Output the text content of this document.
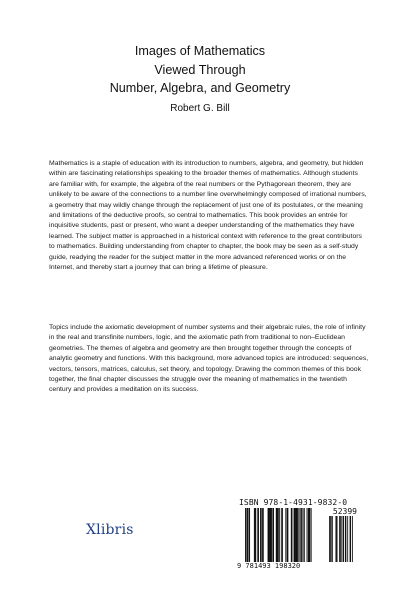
Images of Mathematics
Viewed Through
Number, Algebra, and Geometry
Robert G. Bill

Mathematics is a staple of education with its introduction to numbers, algebra, and geometry, but hidden within are fascinating relationships speaking to the broader themes of mathematics. Although students are familiar with, for example, the algebra of the real numbers or the Pythagorean theorem, they are unlikely to be aware of the connections to a number line overwhelmingly composed of irrational numbers, a geometry that may wildly change through the replacement of just one of its postulates, or the meaning and limitations of the deductive proofs, so central to mathematics. This book provides an entrée for inquisitive students, past or present, who want a deeper understanding of the mathematics they have learned. The subject matter is approached in a historical context with reference to the great contributors to mathematics. Building understanding from chapter to chapter, the book may be seen as a self-study guide, readying the reader for the subject matter in the more advanced referenced works or on the Internet, and thereby start a journey that can bring a lifetime of pleasure.

Topics include the axiomatic development of number systems and their algebraic rules, the role of infinity in the real and transfinite numbers, logic, and the axiomatic path from traditional to non–Euclidean geometries. The themes of algebra and geometry are then brought together through the concepts of analytic geometry and functions. With this background, more advanced topics are introduced: sequences, vectors, tensors, matrices, calculus, set theory, and topology. Drawing the common themes of this book together, the final chapter discusses the struggle over the meaning of mathematics in the twentieth century and provides a meditation on its success.

Xlibris
ISBN 978-1-4931-9832-0
52399
9 781493 198320
